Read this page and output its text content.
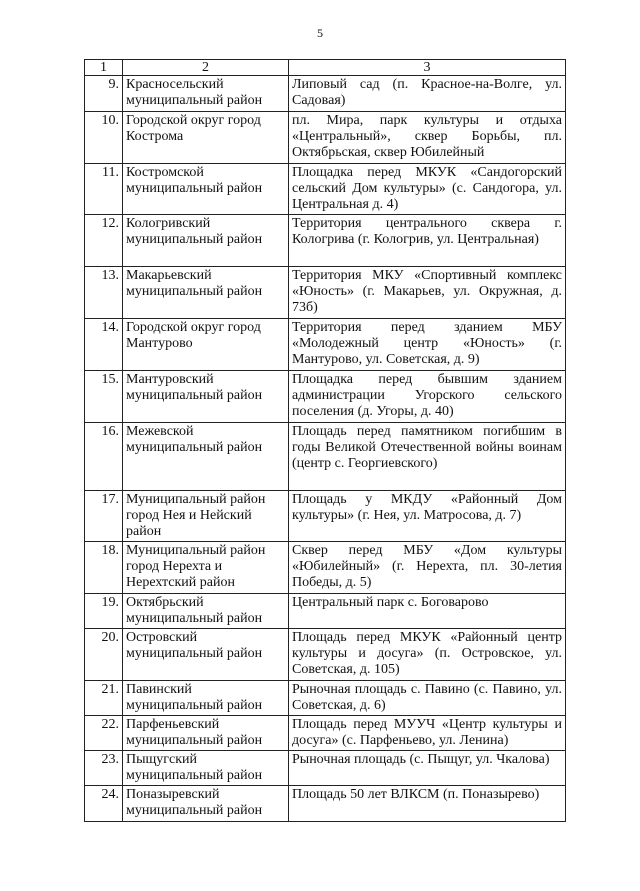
5
1	2	3
9.	Красносельский муниципальный район	Липовый сад (п. Красное-на-Волге, ул. Садовая)
10.	Городской округ город Кострома	пл. Мира, парк культуры и отдыха «Центральный», сквер Борьбы, пл. Октябрьская, сквер Юбилейный
11.	Костромской муниципальный район	Площадка перед МКУК «Сандогорский сельский Дом культуры» (с. Сандогора, ул. Центральная д. 4)
12.	Кологривский муниципальный район	Территория центрального сквера г. Кологрива (г. Кологрив, ул. Центральная)
13.	Макарьевский муниципальный район	Территория МКУ «Спортивный комплекс «Юность» (г. Макарьев, ул. Окружная, д. 73б)
14.	Городской округ город Мантурово	Территория перед зданием МБУ «Молодежный центр «Юность» (г. Мантурово, ул. Советская, д. 9)
15.	Мантуровский муниципальный район	Площадка перед бывшим зданием администрации Угорского сельского поселения (д. Угоры, д. 40)
16.	Межевской муниципальный район	Площадь перед памятником погибшим в годы Великой Отечественной войны воинам (центр с. Георгиевского)
17.	Муниципальный район город Нея и Нейский район	Площадь у МКДУ «Районный Дом культуры» (г. Нея, ул. Матросова, д. 7)
18.	Муниципальный район город Нерехта и Нерехтский район	Сквер перед МБУ «Дом культуры «Юбилейный» (г. Нерехта, пл. 30-летия Победы, д. 5)
19.	Октябрьский муниципальный район	Центральный парк с. Боговарово
20.	Островский муниципальный район	Площадь перед МКУК «Районный центр культуры и досуга» (п. Островское, ул. Советская, д. 105)
21.	Павинский муниципальный район	Рыночная площадь с. Павино (с. Павино, ул. Советская, д. 6)
22.	Парфеньевский муниципальный район	Площадь перед МУУЧ «Центр культуры и досуга» (с. Парфеньево, ул. Ленина)
23.	Пыщугский муниципальный район	Рыночная площадь (с. Пыщуг, ул. Чкалова)
24.	Поназыревский муниципальный район	Площадь 50 лет ВЛКСМ (п. Поназырево)
